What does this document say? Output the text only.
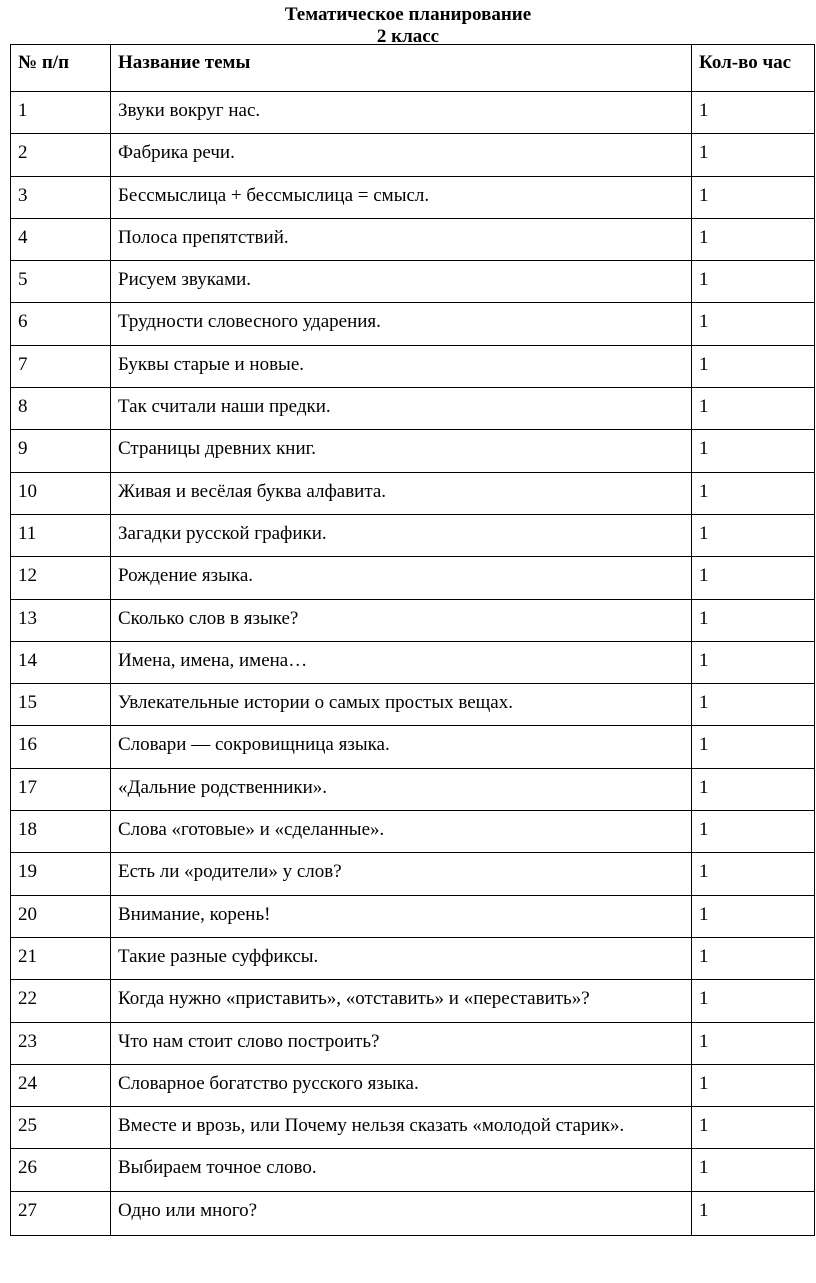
Тематическое планирование
2 класс
№ п/п	Название темы	Кол-во час
1	Звуки вокруг нас.	1
2	Фабрика речи.	1
3	Бессмыслица + бессмыслица = смысл.	1
4	Полоса препятствий.	1
5	Рисуем звуками.	1
6	Трудности словесного ударения.	1
7	Буквы старые и новые.	1
8	Так считали наши предки.	1
9	Страницы древних книг.	1
10	Живая и весёлая буква алфавита.	1
11	Загадки русской графики.	1
12	Рождение языка.	1
13	Сколько слов в языке?	1
14	Имена, имена, имена…	1
15	Увлекательные истории о самых простых вещах.	1
16	Словари — сокровищница языка.	1
17	«Дальние родственники».	1
18	Слова «готовые» и «сделанные».	1
19	Есть ли «родители» у слов?	1
20	Внимание, корень!	1
21	Такие разные суффиксы.	1
22	Когда нужно «приставить», «отставить» и «переставить»?	1
23	Что нам стоит слово построить?	1
24	Словарное богатство русского языка.	1
25	Вместе и врозь, или Почему нельзя сказать «молодой старик».	1
26	Выбираем точное слово.	1
27	Одно или много?	1
